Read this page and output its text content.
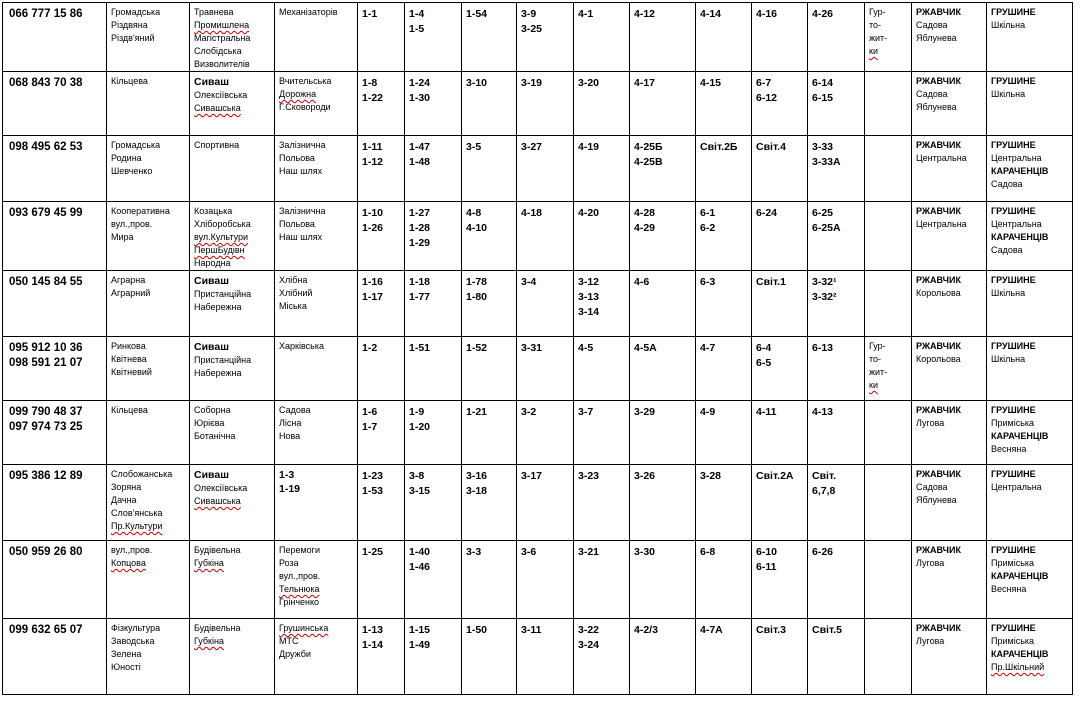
066 777 15 86	Громадська
Різдвяна
Різдв'яний	Травнева
Промишлена
Магістральна
Слобідська
Визволителів	Механізаторів	1-1	1-4
1-5	1-54	3-9
3-25	4-1	4-12	4-14	4-16	4-26	Гур-
то-
жит-
ки	РЖАВЧИК
Садова
Яблунева	ГРУШИНЕ
Шкільна

068 843 70 38	Кільцева	Сиваш
Олексіївська
Сивашська	Вчительська
Дорожна
Г.Сковороди	1-8
1-22	1-24
1-30	3-10	3-19	3-20	4-17	4-15	6-7
6-12	6-14
6-15		РЖАВЧИК
Садова
Яблунева	ГРУШИНЕ
Шкільна

098 495 62 53	Громадська
Родина
Шевченко	Спортивна	Залізнична
Польова
Наш шлях	1-11
1-12	1-47
1-48	3-5	3-27	4-19	4-25Б
4-25В	Світ.2Б	Світ.4	3-33
3-33А		РЖАВЧИК
Центральна	ГРУШИНЕ
Центральна
КАРАЧЕНЦІВ
Садова

093 679 45 99	Кооперативна
вул.,пров.
Мира	Козацька
Хліборобська
вул.Культури
ПершБудівн
Народна	Залізнична
Польова
Наш шлях	1-10
1-26	1-27
1-28
1-29	4-8
4-10	4-18	4-20	4-28
4-29	6-1
6-2	6-24	6-25
6-25А		РЖАВЧИК
Центральна	ГРУШИНЕ
Центральна
КАРАЧЕНЦІВ
Садова

050 145 84 55	Аграрна
Аграрний	Сиваш
Пристанційна
Набережна	Хлібна
Хлібний
Міська	1-16
1-17	1-18
1-77	1-78
1-80	3-4	3-12
3-13
3-14	4-6	6-3	Світ.1	3-32¹
3-32²		РЖАВЧИК
Корольова	ГРУШИНЕ
Шкільна

095 912 10 36
098 591 21 07	Ринкова
Квітнева
Квітневий	Сиваш
Пристанційна
Набережна	Харківська	1-2	1-51	1-52	3-31	4-5	4-5А	4-7	6-4
6-5	6-13	Гур-
то-
жит-
ки	РЖАВЧИК
Корольова	ГРУШИНЕ
Шкільна

099 790 48 37
097 974 73 25	Кільцева	Соборна
Юрієва
Ботанічна	Садова
Лісна
Нова	1-6
1-7	1-9
1-20	1-21	3-2	3-7	3-29	4-9	4-11	4-13		РЖАВЧИК
Лугова	ГРУШИНЕ
Приміська
КАРАЧЕНЦІВ
Весняна

095 386 12 89	Слобожанська
Зоряна
Дачна
Слов'янська
Пр.Культури	Сиваш
Олексіївська
Сивашська	1-3
1-19	1-23
1-53	3-8
3-15	3-16
3-18	3-17	3-23	3-26	3-28	Світ.2А	Світ.
6,7,8		РЖАВЧИК
Садова
Яблунева	ГРУШИНЕ
Центральна

050 959 26 80	вул.,пров.
Копцова	Будівельна
Губкіна	Перемоги
Роза
вул.,пров.
Тельнюка
Грінченко	1-25	1-40
1-46	3-3	3-6	3-21	3-30	6-8	6-10
6-11	6-26		РЖАВЧИК
Лугова	ГРУШИНЕ
Приміська
КАРАЧЕНЦІВ
Весняна

099 632 65 07	Фізкультура
Заводська
Зелена
Юності	Будівельна
Губкіна	Грушинська
МТС
Дружби	1-13
1-14	1-15
1-49	1-50	3-11	3-22
3-24	4-2/3	4-7А	Світ.3	Світ.5		РЖАВЧИК
Лугова	ГРУШИНЕ
Приміська
КАРАЧЕНЦІВ
Пр.Шкільний
